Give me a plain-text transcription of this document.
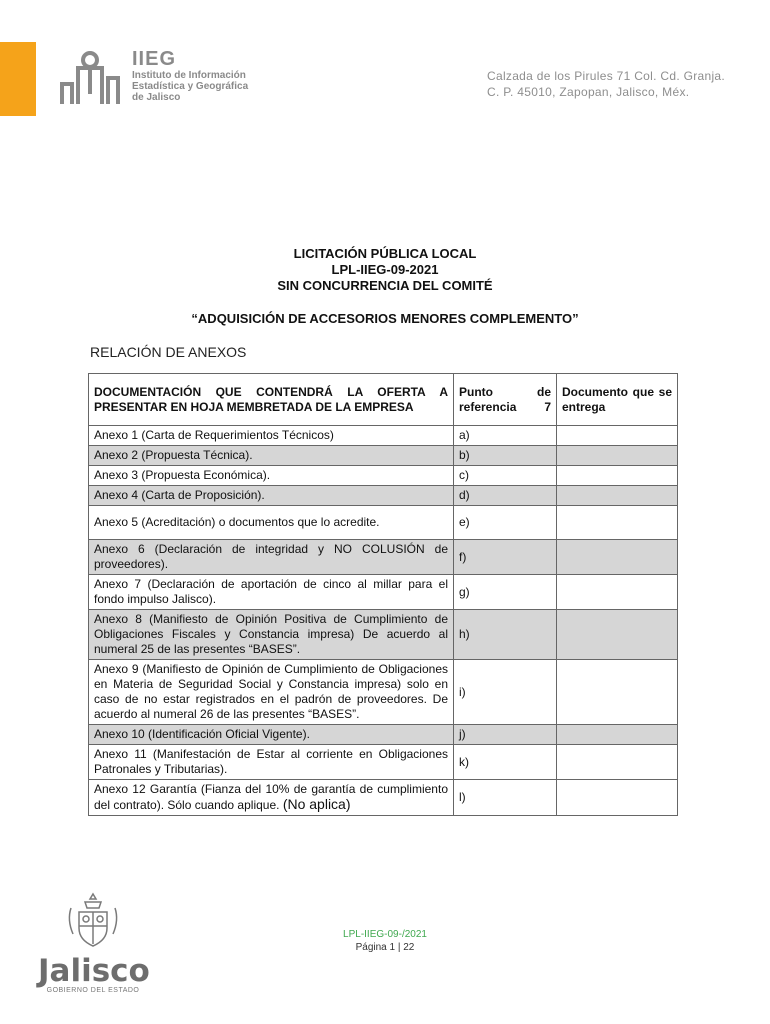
IIEG
Instituto de Información
Estadística y Geográfica
de Jalisco
Calzada de los Pirules 71 Col. Cd. Granja.
C. P. 45010, Zapopan, Jalisco, Méx.
LICITACIÓN PÚBLICA LOCAL
LPL-IIEG-09-2021
SIN CONCURRENCIA DEL COMITÉ
“ADQUISICIÓN DE ACCESORIOS MENORES COMPLEMENTO”
RELACIÓN DE ANEXOS
DOCUMENTACIÓN QUE CONTENDRÁ LA OFERTA A PRESENTAR EN HOJA MEMBRETADA DE LA EMPRESA	Punto de referencia 7	Documento que se entrega
Anexo 1 (Carta de Requerimientos Técnicos)	a)	
Anexo 2 (Propuesta Técnica).	b)	
Anexo 3 (Propuesta Económica).	c)	
Anexo 4 (Carta de Proposición).	d)	
Anexo 5 (Acreditación) o documentos que lo acredite.	e)	
Anexo 6 (Declaración de integridad y NO COLUSIÓN de proveedores).	f)	
Anexo 7 (Declaración de aportación de cinco al millar para el fondo impulso Jalisco).	g)	
Anexo 8 (Manifiesto de Opinión Positiva de Cumplimiento de Obligaciones Fiscales y Constancia impresa) De acuerdo al numeral 25 de las presentes “BASES”.	h)	
Anexo 9 (Manifiesto de Opinión de Cumplimiento de Obligaciones en Materia de Seguridad Social y Constancia impresa) solo en caso de no estar registrados en el padrón de proveedores. De acuerdo al numeral 26 de las presentes “BASES”.	i)	
Anexo 10 (Identificación Oficial Vigente).	j)	
Anexo 11 (Manifestación de Estar al corriente en Obligaciones Patronales y Tributarias).	k)	
Anexo 12 Garantía (Fianza del 10% de garantía de cumplimiento del contrato). Sólo cuando aplique. (No aplica)	l)	
Jalisco
GOBIERNO DEL ESTADO
LPL-IIEG-09-/2021
Página 1 | 22
